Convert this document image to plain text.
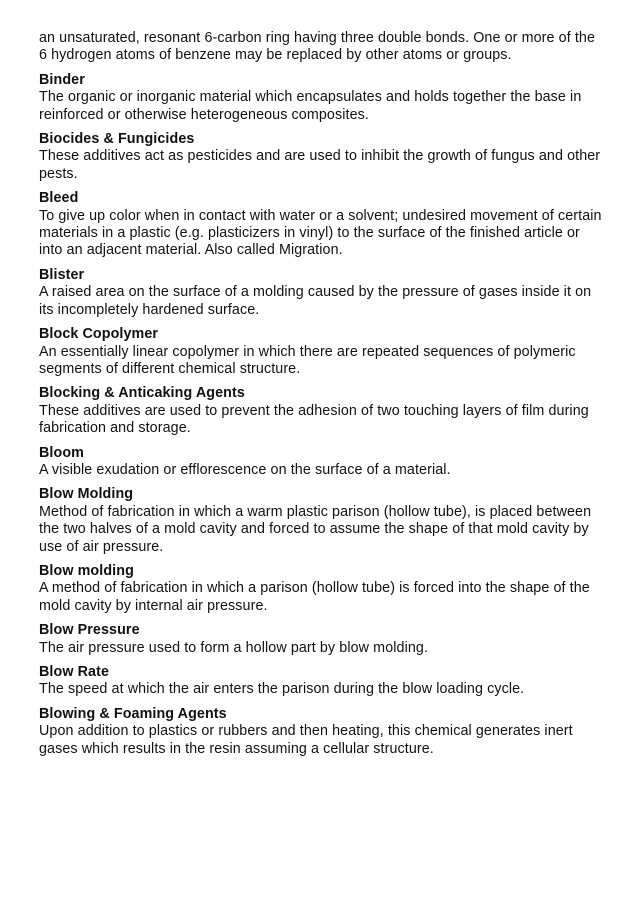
an unsaturated, resonant 6-carbon ring having three double bonds. One or more of the 6 hydrogen atoms of benzene may be replaced by other atoms or groups.

Binder
The organic or inorganic material which encapsulates and holds together the base in reinforced or otherwise heterogeneous composites.
Biocides & Fungicides
These additives act as pesticides and are used to inhibit the growth of fungus and other pests.
Bleed
To give up color when in contact with water or a solvent; undesired movement of certain materials in a plastic (e.g. plasticizers in vinyl) to the surface of the finished article or into an adjacent material. Also called Migration.
Blister
A raised area on the surface of a molding caused by the pressure of gases inside it on its incompletely hardened surface.
Block Copolymer
An essentially linear copolymer in which there are repeated sequences of polymeric segments of different chemical structure.
Blocking & Anticaking Agents
These additives are used to prevent the adhesion of two touching layers of film during fabrication and storage.
Bloom
A visible exudation or efflorescence on the surface of a material.
Blow Molding
Method of fabrication in which a warm plastic parison (hollow tube), is placed between the two halves of a mold cavity and forced to assume the shape of that mold cavity by use of air pressure.
Blow molding
A method of fabrication in which a parison (hollow tube) is forced into the shape of the mold cavity by internal air pressure.
Blow Pressure
The air pressure used to form a hollow part by blow molding.
Blow Rate
The speed at which the air enters the parison during the blow loading cycle.
Blowing & Foaming Agents
Upon addition to plastics or rubbers and then heating, this chemical generates inert gases which results in the resin assuming a cellular structure.
